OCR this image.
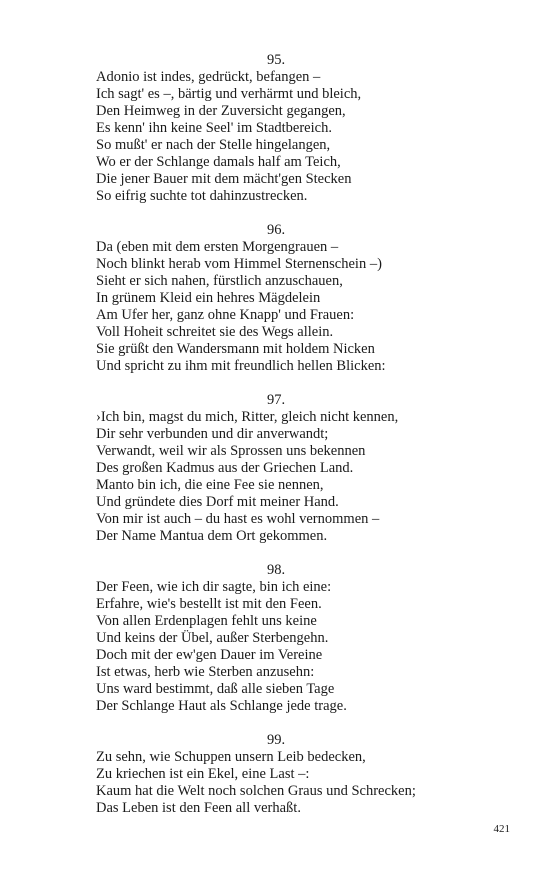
95.
Adonio ist indes, gedrückt, befangen –
Ich sagt' es –, bärtig und verhärmt und bleich,
Den Heimweg in der Zuversicht gegangen,
Es kenn' ihn keine Seel' im Stadtbereich.
So mußt' er nach der Stelle hingelangen,
Wo er der Schlange damals half am Teich,
Die jener Bauer mit dem mächt'gen Stecken
So eifrig suchte tot dahinzustrecken.
96.
Da (eben mit dem ersten Morgengrauen –
Noch blinkt herab vom Himmel Sternenschein –)
Sieht er sich nahen, fürstlich anzuschauen,
In grünem Kleid ein hehres Mägdelein
Am Ufer her, ganz ohne Knapp' und Frauen:
Voll Hoheit schreitet sie des Wegs allein.
Sie grüßt den Wandersmann mit holdem Nicken
Und spricht zu ihm mit freundlich hellen Blicken:
97.
›Ich bin, magst du mich, Ritter, gleich nicht kennen,
Dir sehr verbunden und dir anverwandt;
Verwandt, weil wir als Sprossen uns bekennen
Des großen Kadmus aus der Griechen Land.
Manto bin ich, die eine Fee sie nennen,
Und gründete dies Dorf mit meiner Hand.
Von mir ist auch – du hast es wohl vernommen –
Der Name Mantua dem Ort gekommen.
98.
Der Feen, wie ich dir sagte, bin ich eine:
Erfahre, wie's bestellt ist mit den Feen.
Von allen Erdenplagen fehlt uns keine
Und keins der Übel, außer Sterbengehn.
Doch mit der ew'gen Dauer im Vereine
Ist etwas, herb wie Sterben anzusehn:
Uns ward bestimmt, daß alle sieben Tage
Der Schlange Haut als Schlange jede trage.
99.
Zu sehn, wie Schuppen unsern Leib bedecken,
Zu kriechen ist ein Ekel, eine Last –:
Kaum hat die Welt noch solchen Graus und Schrecken;
Das Leben ist den Feen all verhaßt.
421
